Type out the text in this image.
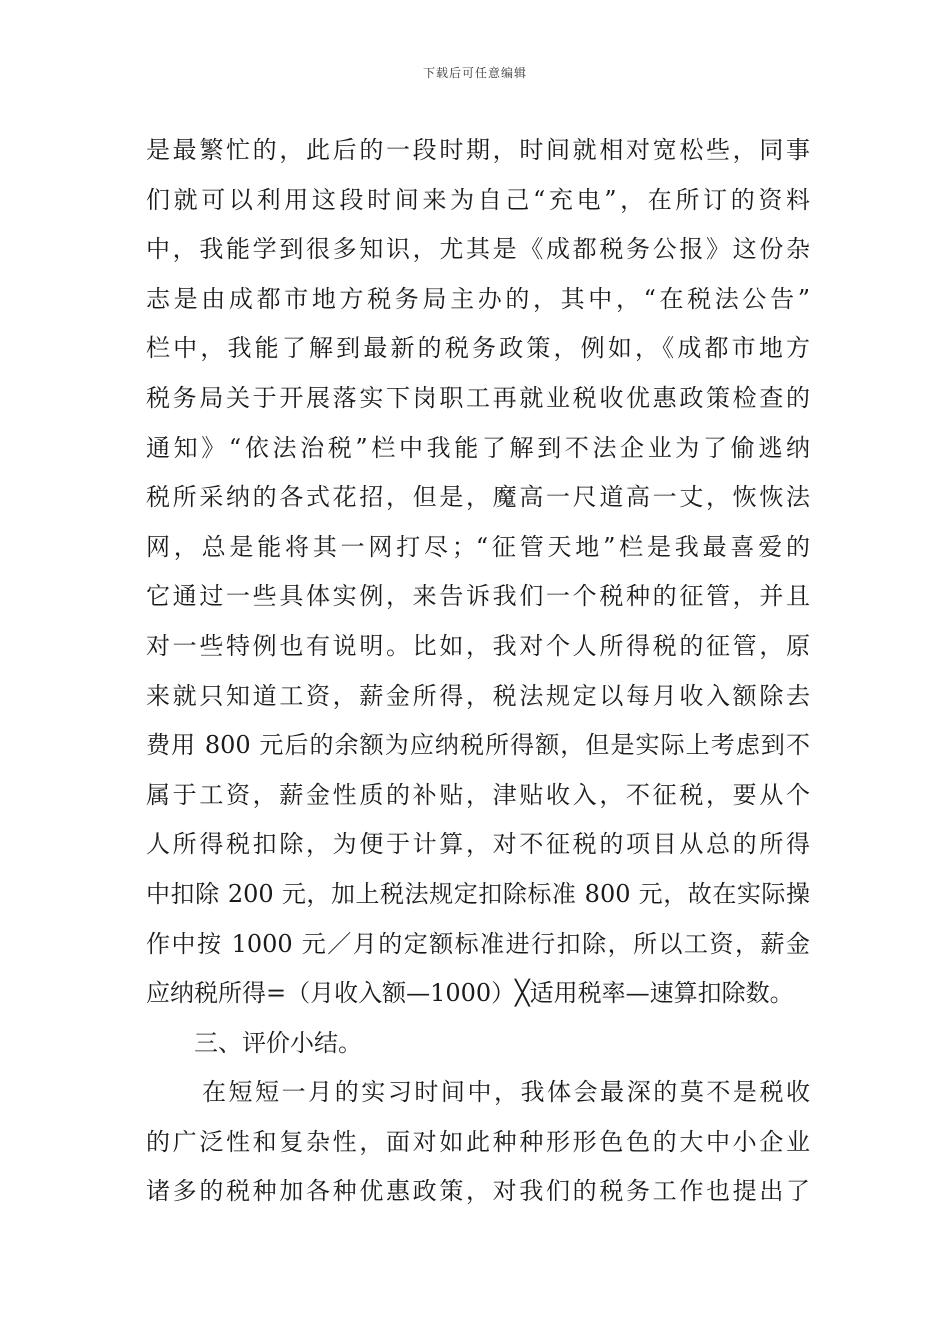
下载后可任意编辑
是最繁忙的，此后的一段时期，时间就相对宽松些，同事
们就可以利用这段时间来为自己“充电”，在所订的资料
中，我能学到很多知识，尤其是《成都税务公报》这份杂
志是由成都市地方税务局主办的，其中，“在税法公告”
栏中，我能了解到最新的税务政策，例如，《成都市地方
税务局关于开展落实下岗职工再就业税收优惠政策检查的
通知》“依法治税”栏中我能了解到不法企业为了偷逃纳
税所采纳的各式花招，但是，魔高一尺道高一丈，恢恢法
网，总是能将其一网打尽；“征管天地”栏是我最喜爱的
它通过一些具体实例，来告诉我们一个税种的征管，并且
对一些特例也有说明。比如，我对个人所得税的征管，原
来就只知道工资，薪金所得，税法规定以每月收入额除去
费用 800 元后的余额为应纳税所得额，但是实际上考虑到不
属于工资，薪金性质的补贴，津贴收入，不征税，要从个
人所得税扣除，为便于计算，对不征税的项目从总的所得
中扣除 200 元，加上税法规定扣除标准 800 元，故在实际操
作中按 1000 元／月的定额标准进行扣除，所以工资，薪金
应纳税所得=（月收入额—1000）╳适用税率—速算扣除数。
三、评价小结。
在短短一月的实习时间中，我体会最深的莫不是税收
的广泛性和复杂性，面对如此种种形形色色的大中小企业
诸多的税种加各种优惠政策，对我们的税务工作也提出了
